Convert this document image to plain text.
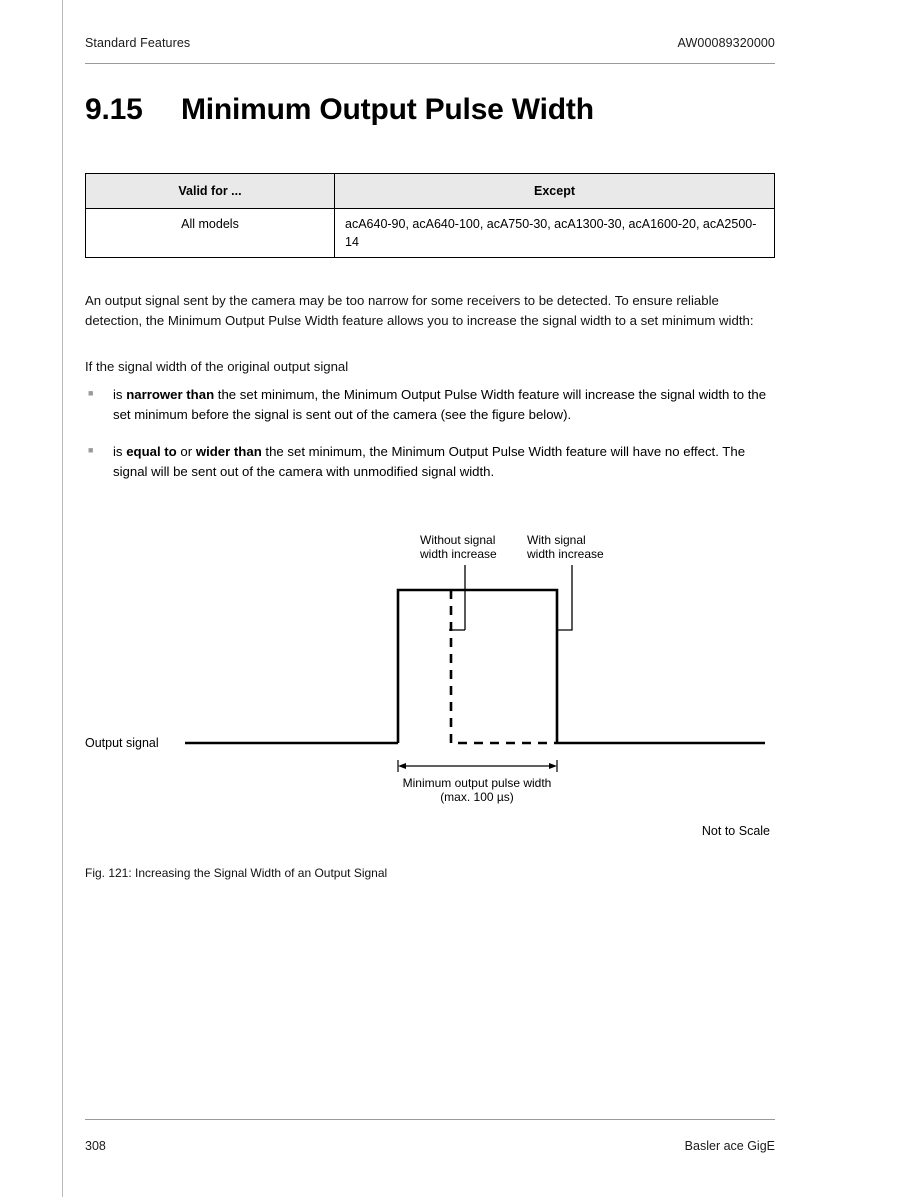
Standard Features	AW00089320000
9.15	Minimum Output Pulse Width
Valid for ...	Except
All models	acA640-90, acA640-100, acA750-30, acA1300-30, acA1600-20, acA2500-14
An output signal sent by the camera may be too narrow for some receivers to be detected. To ensure reliable detection, the Minimum Output Pulse Width feature allows you to increase the signal width to a set minimum width:
If the signal width of the original output signal
■	is narrower than the set minimum, the Minimum Output Pulse Width feature will increase the signal width to the set minimum before the signal is sent out of the camera (see the figure below).
■	is equal to or wider than the set minimum, the Minimum Output Pulse Width feature will have no effect. The signal will be sent out of the camera with unmodified signal width.
Without signal
width increase
With signal
width increase
Output signal
Minimum output pulse width
(max. 100 µs)
Not to Scale
Fig. 121: Increasing the Signal Width of an Output Signal
308	Basler ace GigE
